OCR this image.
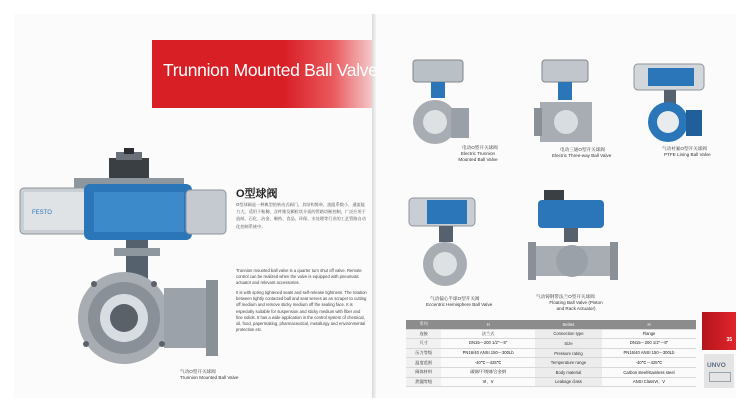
Trunnion Mounted Ball Valve
FESTO
O型球阀
O型球阀是一种典型的转动式阀门，其结构简单，流阻系数小，通流能力大，适用于粘稠、含纤维及颗粒状介质的管路切断控制，广泛应用于造纸、石化、冶金、制药、食品、环保、水处理等行业的工艺管路自动化控制系统中。
Trunnion mounted ball valve is a quarter turn shut off valve. Remote control can be realized when the valve is equipped with pneumatic actuator and relevant accessories.
It is with spring tightened seats and self-release tightness. The rotation between tightly contacted ball and seat serves as an scraper to cutting off medium and remove sticky medium off the sealing face. It is especially suitable for suspension and sticky medium with fiber and fine solids. It has a wide application in the control system of chemical, oil, food, papermaking, pharmaceutical, metallurgy and environmental protection etc.
气动O型开关球阀
Trunnion Mounted Ball Valve
电动O型开关球阀
Electric Trunnion Mounted Ball Valve
电动三通O型开关球阀
Electric Three-way Ball Valve
气动衬氟O型开关球阀
PTFE Lining Ball Valve
气动偏心半球O型开关阀
Eccentric Hemisphere Ball Valve
气动铸钢带法兰O型开关球阀
Floating Ball Valve (Piston and Rack Actuator)
系列	H	Series	H
连接	法兰式	Connection type	Flange
尺寸	DN15～200 1/2"～8"	Size	DN15～200 1/2"～8"
压力等级	PN16/40 ANSI 150～300Lb	Pressure rating	PN16/40 ANSI 150～300Lb
温度范围	-40℃～425℃	Temperature range	-40℃～425℃
阀体材料	碳钢/不锈钢/合金钢	Body material	Carbon steel/stainless steel
泄漏等级	Ⅵ、Ⅴ	Leakage class	ANSI ClassⅥ、Ⅴ
35
UNVO
